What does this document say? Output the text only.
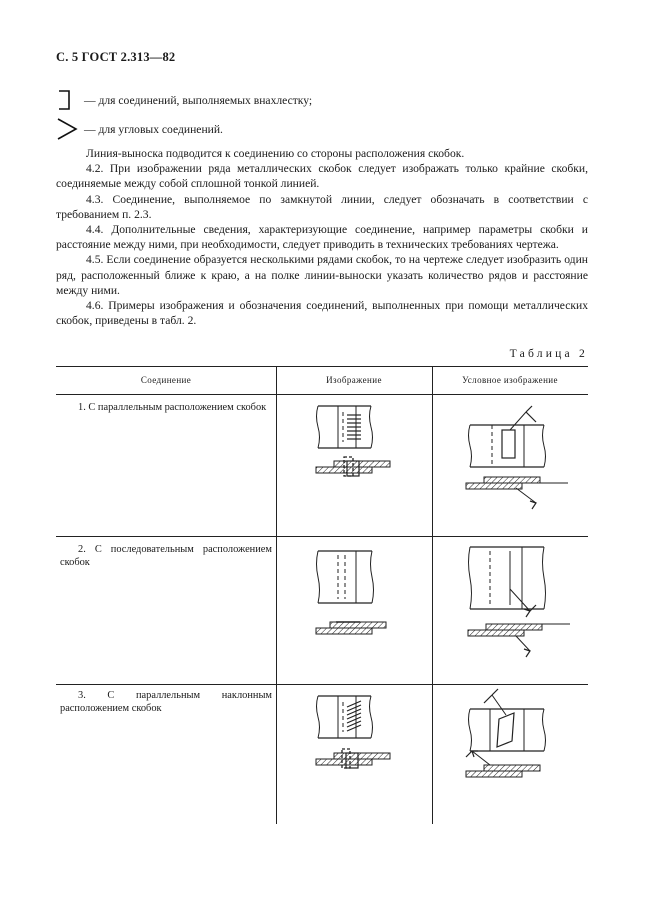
С. 5 ГОСТ 2.313—82
— для соединений, выполняемых внахлестку;
— для угловых соединений.

Линия-выноска подводится к соединению со стороны расположения скобок.

4.2. При изображении ряда металлических скобок следует изображать только крайние скобки, соединяемые между собой сплошной тонкой линией.

4.3. Соединение, выполняемое по замкнутой линии, следует обозначать в соответствии с требованием п. 2.3.

4.4. Дополнительные сведения, характеризующие соединение, например параметры скобки и расстояние между ними, при необходимости, следует приводить в технических требованиях чертежа.

4.5. Если соединение образуется несколькими рядами скобок, то на чертеже следует изобразить один ряд, расположенный ближе к краю, а на полке линии-выноски указать количество рядов и расстояние между ними.

4.6. Примеры изображения и обозначения соединений, выполненных при помощи металлических скобок, приведены в табл. 2.

Таблица 2
Соединение	Изображение	Условное изображение
1. С параллельным расположением скобок
2. С последовательным расположением скобок
3. С параллельным наклонным расположением скобок
